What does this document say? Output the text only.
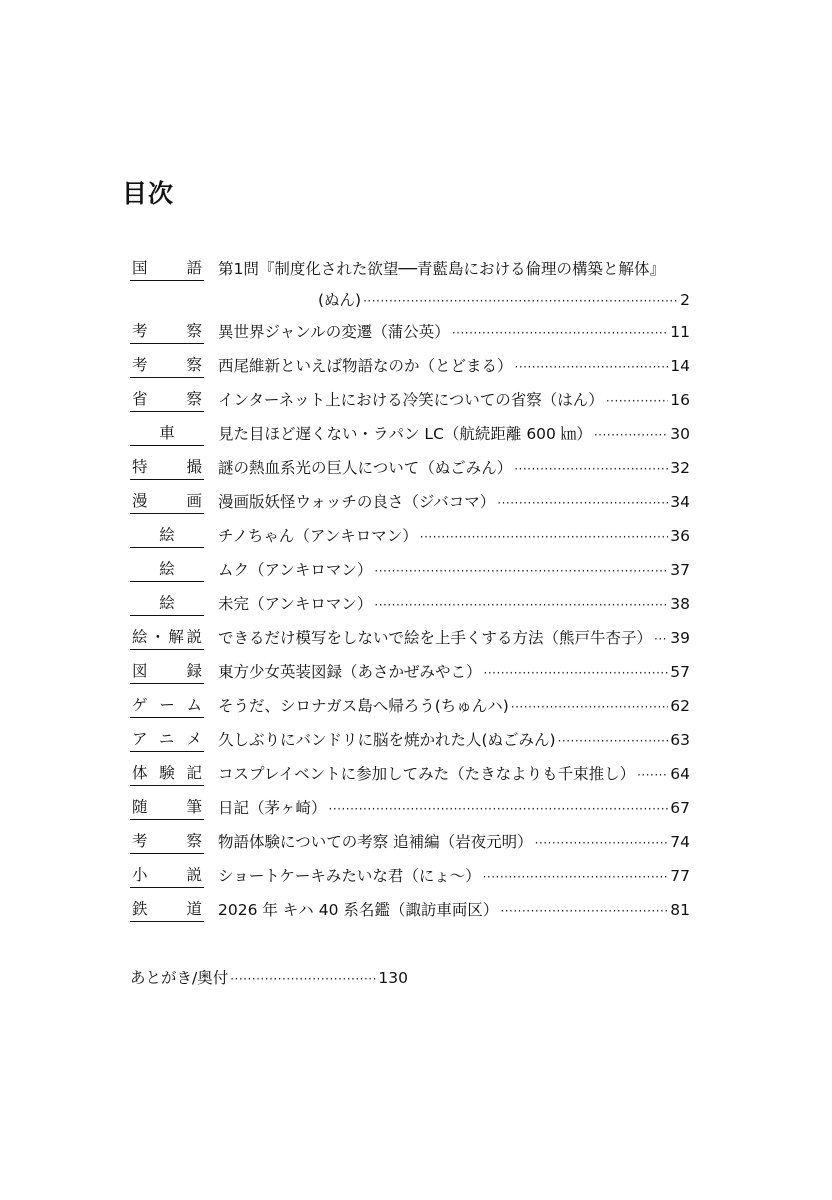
目次
国　語 第1問『制度化された欲望──青藍島における倫理の構築と解体』
(ぬん) ·····	2
考　察 異世界ジャンルの変遷（蒲公英） ·····	11
考　察 西尾維新といえば物語なのか（とどまる） ·····	14
省　察 インターネット上における冷笑についての省察（はん） ·····	16
車	見た目ほど遅くない・ラパン LC（航続距離 600 ㎞） ·····	30
特　撮 謎の熱血系光の巨人について（ぬごみん） ·····	32
漫　画 漫画版妖怪ウォッチの良さ（ジバコマ） ·····	34
絵	チノちゃん（アンキロマン） ·····	36
絵	ムク（アンキロマン） ·····	37
絵	未完（アンキロマン） ·····	38
絵・解説 できるだけ模写をしないで絵を上手くする方法（熊戸牛杏子） ····· 39
図　録 東方少女英装図録（あさかぜみやこ） ·····	57
ゲーム そうだ、シロナガス島へ帰ろう(ちゅんハ) ·····	62
アニメ 久しぶりにバンドリに脳を焼かれた人(ぬごみん) ·····	63
体験記 コスプレイベントに参加してみた（たきなよりも千束推し） ····· 64
随　筆 日記（茅ヶ崎） ·····	67
考　察 物語体験についての考察 追補編（岩夜元明） ·····	74
小　説 ショートケーキみたいな君（にょ～） ·····	77
鉄　道 2026 年 キハ 40 系名鑑（諏訪車両区） ·····	81
あとがき/奥付 ·····	130
